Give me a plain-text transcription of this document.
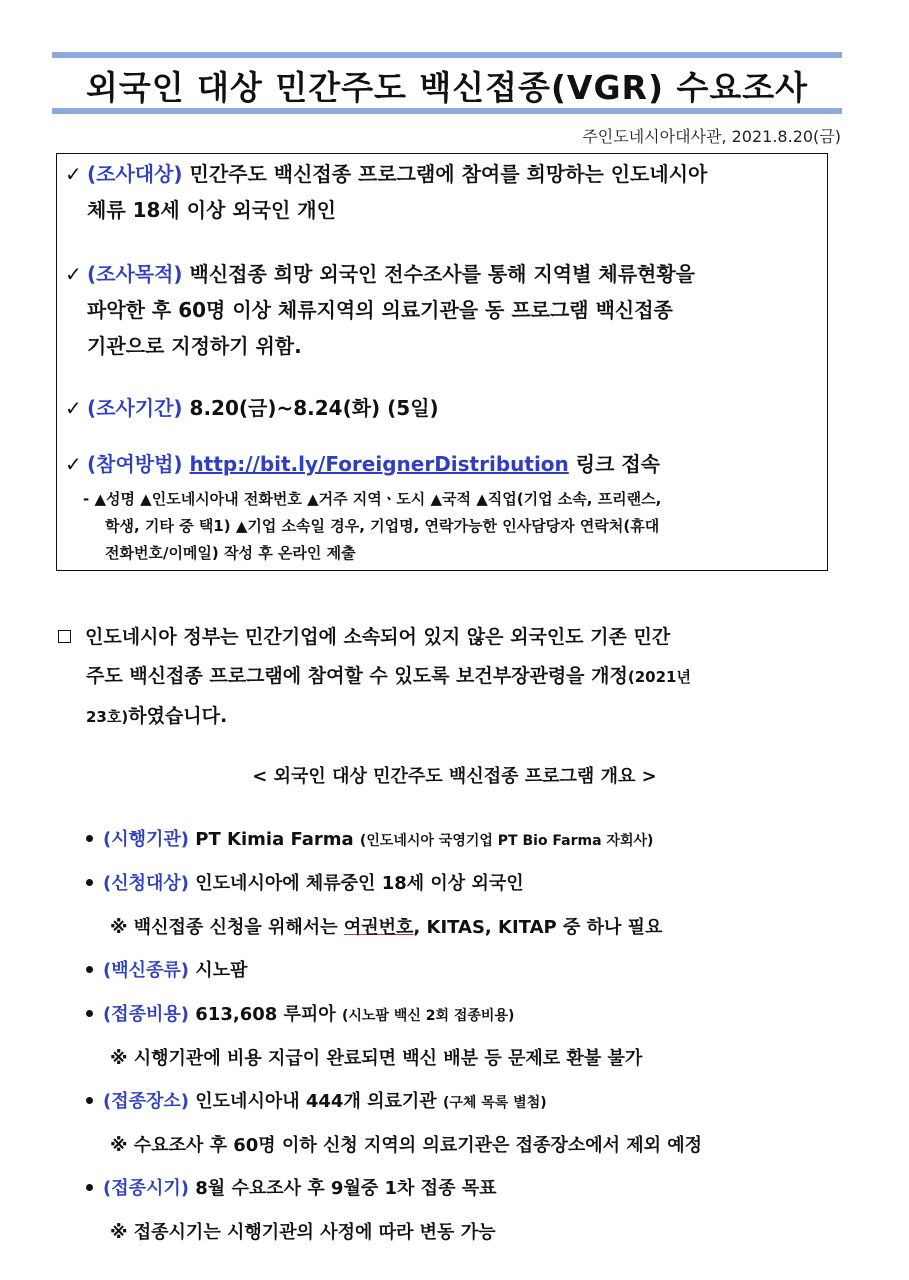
외국인 대상 민간주도 백신접종(VGR) 수요조사
주인도네시아대사관, 2021.8.20(금)
✓ (조사대상) 민간주도 백신접종 프로그램에 참여를 희망하는 인도네시아
체류 18세 이상 외국인 개인
✓ (조사목적) 백신접종 희망 외국인 전수조사를 통해 지역별 체류현황을
파악한 후 60명 이상 체류지역의 의료기관을 동 프로그램 백신접종
기관으로 지정하기 위함.
✓ (조사기간) 8.20(금)~8.24(화) (5일)
✓ (참여방법) http://bit.ly/ForeignerDistribution 링크 접속
- ▲성명 ▲인도네시아내 전화번호 ▲거주 지역ㆍ도시 ▲국적 ▲직업(기업 소속, 프리랜스,
학생, 기타 중 택1) ▲기업 소속일 경우, 기업명, 연락가능한 인사담당자 연락처(휴대
전화번호/이메일) 작성 후 온라인 제출
인도네시아 정부는 민간기업에 소속되어 있지 않은 외국인도 기존 민간
주도 백신접종 프로그램에 참여할 수 있도록 보건부장관령을 개정(2021년
23호)하였습니다.
< 외국인 대상 민간주도 백신접종 프로그램 개요 >
(시행기관) PT Kimia Farma (인도네시아 국영기업 PT Bio Farma 자회사)
(신청대상) 인도네시아에 체류중인 18세 이상 외국인
※ 백신접종 신청을 위해서는 여권번호, KITAS, KITAP 중 하나 필요
(백신종류) 시노팜
(접종비용) 613,608 루피아 (시노팜 백신 2회 접종비용)
※ 시행기관에 비용 지급이 완료되면 백신 배분 등 문제로 환불 불가
(접종장소) 인도네시아내 444개 의료기관 (구체 목록 별첨)
※ 수요조사 후 60명 이하 신청 지역의 의료기관은 접종장소에서 제외 예정
(접종시기) 8월 수요조사 후 9월중 1차 접종 목표
※ 접종시기는 시행기관의 사정에 따라 변동 가능
